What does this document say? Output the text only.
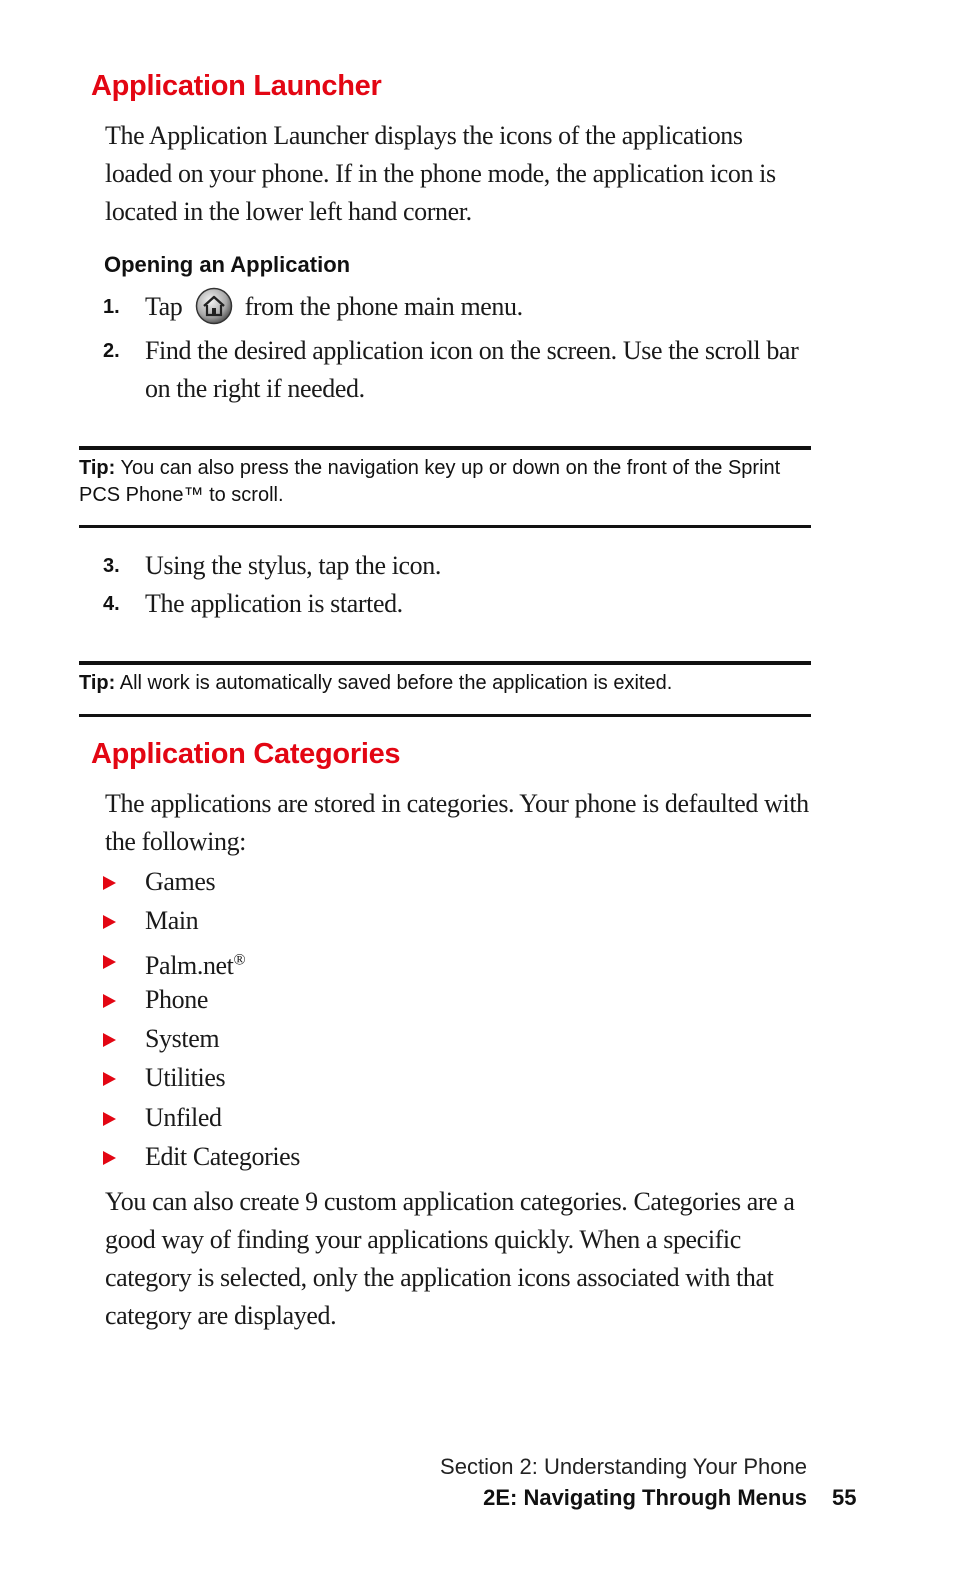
Application Launcher

The Application Launcher displays the icons of the applications loaded on your phone. If in the phone mode, the application icon is located in the lower left hand corner.

Opening an Application
1. Tap from the phone main menu.
2. Find the desired application icon on the screen. Use the scroll bar on the right if needed.

Tip: You can also press the navigation key up or down on the front of the Sprint PCS Phone™ to scroll.

3. Using the stylus, tap the icon.
4. The application is started.

Tip: All work is automatically saved before the application is exited.

Application Categories

The applications are stored in categories. Your phone is defaulted with the following:

Games
Main
Palm.net®
Phone
System
Utilities
Unfiled
Edit Categories

You can also create 9 custom application categories. Categories are a good way of finding your applications quickly. When a specific category is selected, only the application icons associated with that category are displayed.

Section 2: Understanding Your Phone

2E: Navigating Through Menus 55
